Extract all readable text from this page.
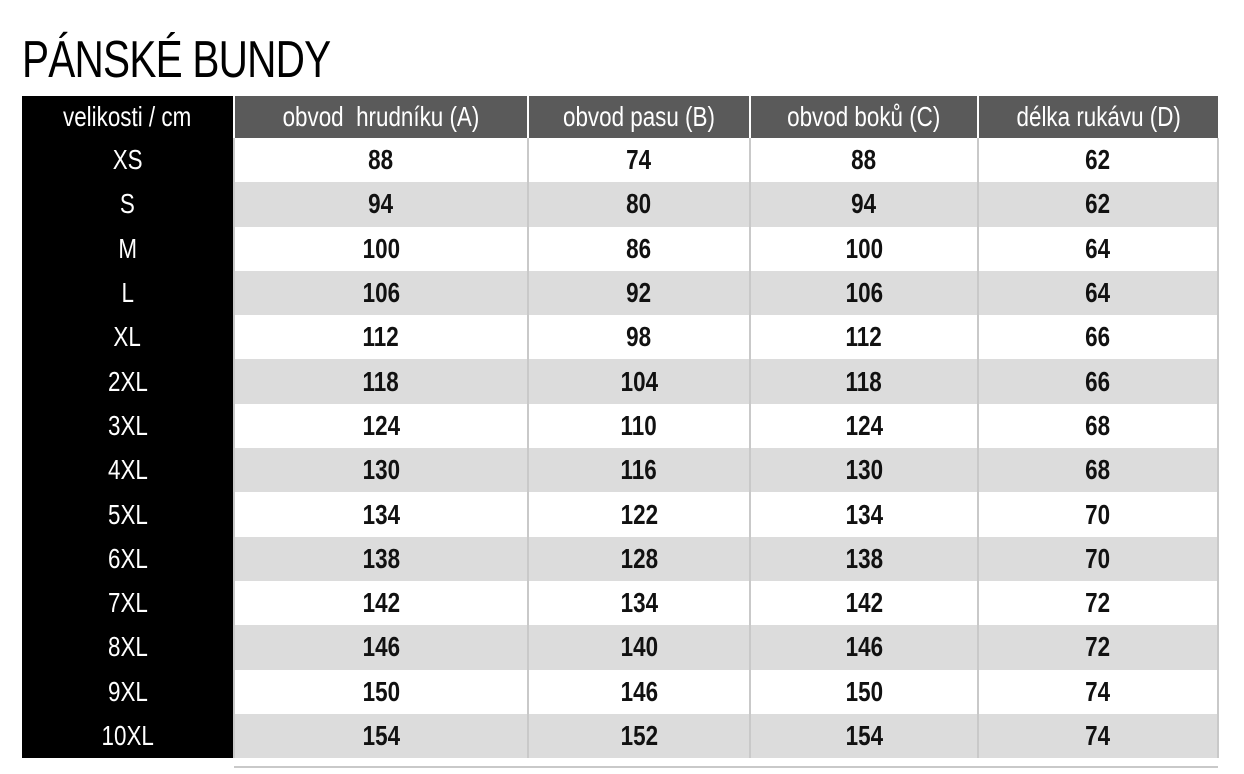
PÁNSKÉ BUNDY
velikosti / cm	obvod  hrudníku (A)	obvod pasu (B)	obvod boků (C)	délka rukávu (D)
XS	88	74	88	62
S	94	80	94	62
M	100	86	100	64
L	106	92	106	64
XL	112	98	112	66
2XL	118	104	118	66
3XL	124	110	124	68
4XL	130	116	130	68
5XL	134	122	134	70
6XL	138	128	138	70
7XL	142	134	142	72
8XL	146	140	146	72
9XL	150	146	150	74
10XL	154	152	154	74
